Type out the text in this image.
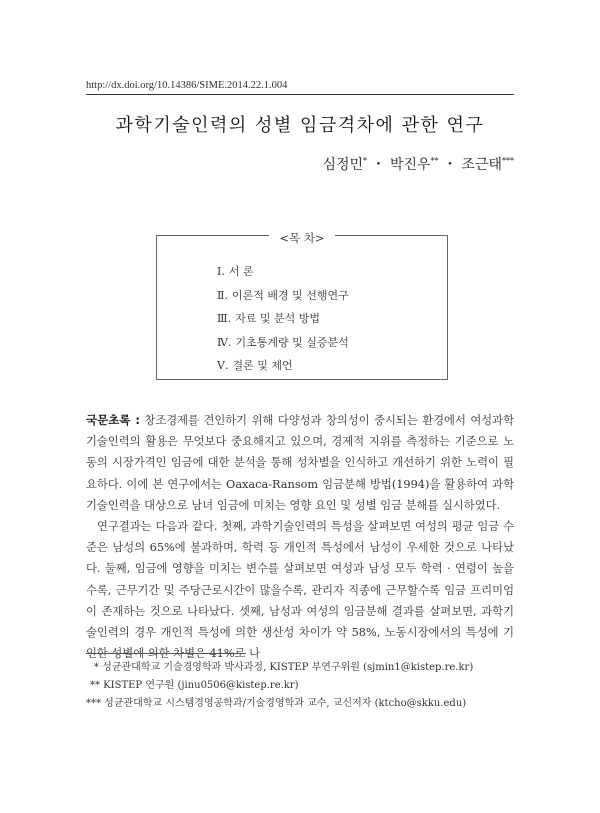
http://dx.doi.org/10.14386/SIME.2014.22.1.004
과학기술인력의 성별 임금격차에 관한 연구
심정민* ・ 박진우** ・ 조근태***
<목 차>
Ⅰ. 서 론
Ⅱ. 이론적 배경 및 선행연구
Ⅲ. 자료 및 분석 방법
Ⅳ. 기초통계량 및 실증분석
Ⅴ. 결론 및 제언

국문초록 : 창조경제를 견인하기 위해 다양성과 창의성이 중시되는 환경에서 여성과학기술인력의 활용은 무엇보다 중요해지고 있으며, 경제적 지위를 측정하는 기준으로 노동의 시장가격인 임금에 대한 분석을 통해 성차별을 인식하고 개선하기 위한 노력이 필요하다. 이에 본 연구에서는 Oaxaca-Ransom 임금분해 방법(1994)을 활용하여 과학기술인력을 대상으로 남녀 임금에 미치는 영향 요인 및 성별 임금 분해를 실시하였다.

연구결과는 다음과 같다. 첫째, 과학기술인력의 특성을 살펴보면 여성의 평균 임금 수준은 남성의 65%에 불과하며, 학력 등 개인적 특성에서 남성이 우세한 것으로 나타났다. 둘째, 임금에 영향을 미치는 변수를 살펴보면 여성과 남성 모두 학력 · 연령이 높을수록, 근무기간 및 주당근로시간이 많을수록, 관리자 직종에 근무할수록 임금 프리미엄이 존재하는 것으로 나타났다. 셋째, 남성과 여성의 임금분해 결과를 살펴보면, 과학기술인력의 경우 개인적 특성에 의한 생산성 차이가 약 58%, 노동시장에서의 특성에 기인한 성별에 의한 차별은 41%로 나

* 성균관대학교 기술경영학과 박사과정, KISTEP 부연구위원 (sjmin1@kistep.re.kr)
** KISTEP 연구원 (jinu0506@kistep.re.kr)
*** 성균관대학교 시스템경영공학과/기술경영학과 교수, 교신저자 (ktcho@skku.edu)
